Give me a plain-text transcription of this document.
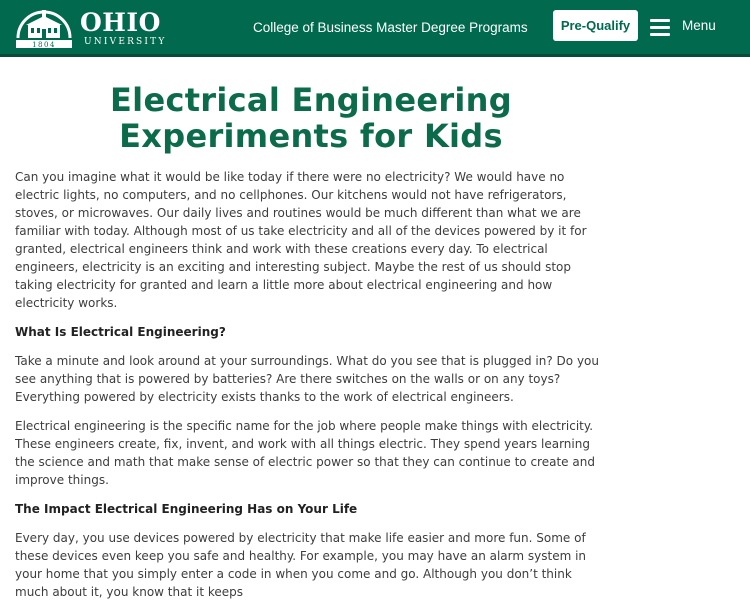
1804
OHIO
UNIVERSITY
College of Business Master Degree Programs	Pre-Qualify	Menu
Electrical Engineering
Experiments for Kids

Can you imagine what it would be like today if there were no electricity? We would have no electric lights, no computers, and no cellphones. Our kitchens would not have refrigerators, stoves, or microwaves. Our daily lives and routines would be much different than what we are familiar with today. Although most of us take electricity and all of the devices powered by it for granted, electrical engineers think and work with these creations every day. To electrical engineers, electricity is an exciting and interesting subject. Maybe the rest of us should stop taking electricity for granted and learn a little more about electrical engineering and how electricity works.

What Is Electrical Engineering?

Take a minute and look around at your surroundings. What do you see that is plugged in? Do you see anything that is powered by batteries? Are there switches on the walls or on any toys? Everything powered by electricity exists thanks to the work of electrical engineers.

Electrical engineering is the specific name for the job where people make things with electricity. These engineers create, fix, invent, and work with all things electric. They spend years learning the science and math that make sense of electric power so that they can continue to create and improve things.

The Impact Electrical Engineering Has on Your Life

Every day, you use devices powered by electricity that make life easier and more fun. Some of these devices even keep you safe and healthy. For example, you may have an alarm system in your home that you simply enter a code in when you come and go. Although you don’t think much about it, you know that it keeps
